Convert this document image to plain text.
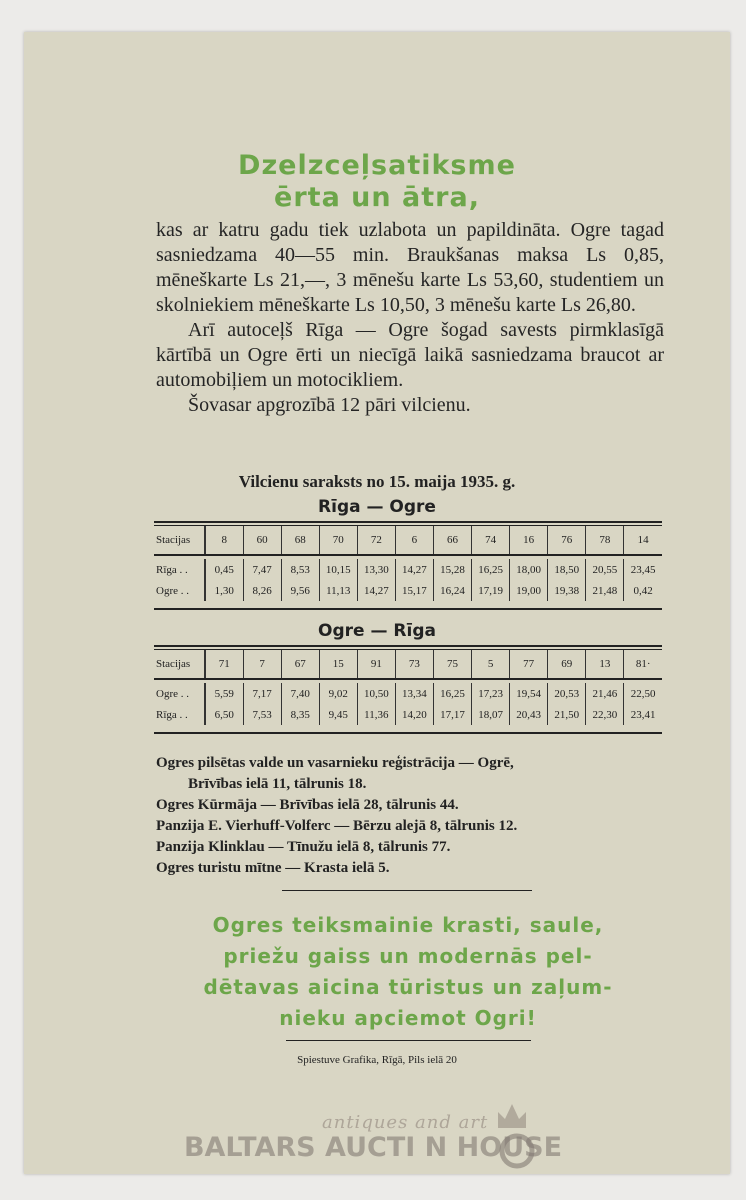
Dzelzceļsatiksme
ērta un ātra,

kas ar katru gadu tiek uzlabota un papildināta. Ogre tagad sasniedzama 40—55 min. Braukšanas maksa Ls 0,85, mēneškarte Ls 21,—, 3 mēnešu karte Ls 53,60, studentiem un skolniekiem mēneškarte Ls 10,50, 3 mēnešu karte Ls 26,80.

Arī autoceļš Rīga — Ogre šogad savests pirmklasīgā kārtībā un Ogre ērti un niecīgā laikā sasniedzama braucot ar automobiļiem un motocikliem.

Šovasar apgrozībā 12 pāri vilcienu.

Vilcienu saraksts no 15. maija 1935. g.
Rīga — Ogre
Stacijas	8	60	68	70	72	6	66	74	16	76	78	14
Rīga . .	0,45	7,47	8,53	10,15	13,30	14,27	15,28	16,25	18,00	18,50	20,55	23,45
Ogre . .	1,30	8,26	9,56	11,13	14,27	15,17	16,24	17,19	19,00	19,38	21,48	0,42
Ogre — Rīga
Stacijas	71	7	67	15	91	73	75	5	77	69	13	81·
Ogre . .	5,59	7,17	7,40	9,02	10,50	13,34	16,25	17,23	19,54	20,53	21,46	22,50
Rīga . .	6,50	7,53	8,35	9,45	11,36	14,20	17,17	18,07	20,43	21,50	22,30	23,41
Ogres pilsētas valde un vasarnieku reģistrācija — Ogrē,
Brīvības ielā 11, tālrunis 18.
Ogres Kūrmāja — Brīvības ielā 28, tālrunis 44.
Panzija E. Vierhuff-Volferc — Bērzu alejā 8, tālrunis 12.
Panzija Klinklau — Tīnužu ielā 8, tālrunis 77.
Ogres turistu mītne — Krasta ielā 5.
Ogres teiksmainie krasti, saule,
priežu gaiss un modernās pel-
dētavas aicina tūristus un zaļum-
nieku apciemot Ogri!
Spiestuve Grafika, Rīgā, Pils ielā 20
antiques and art
BALTARS AUCTI N HOUSE
